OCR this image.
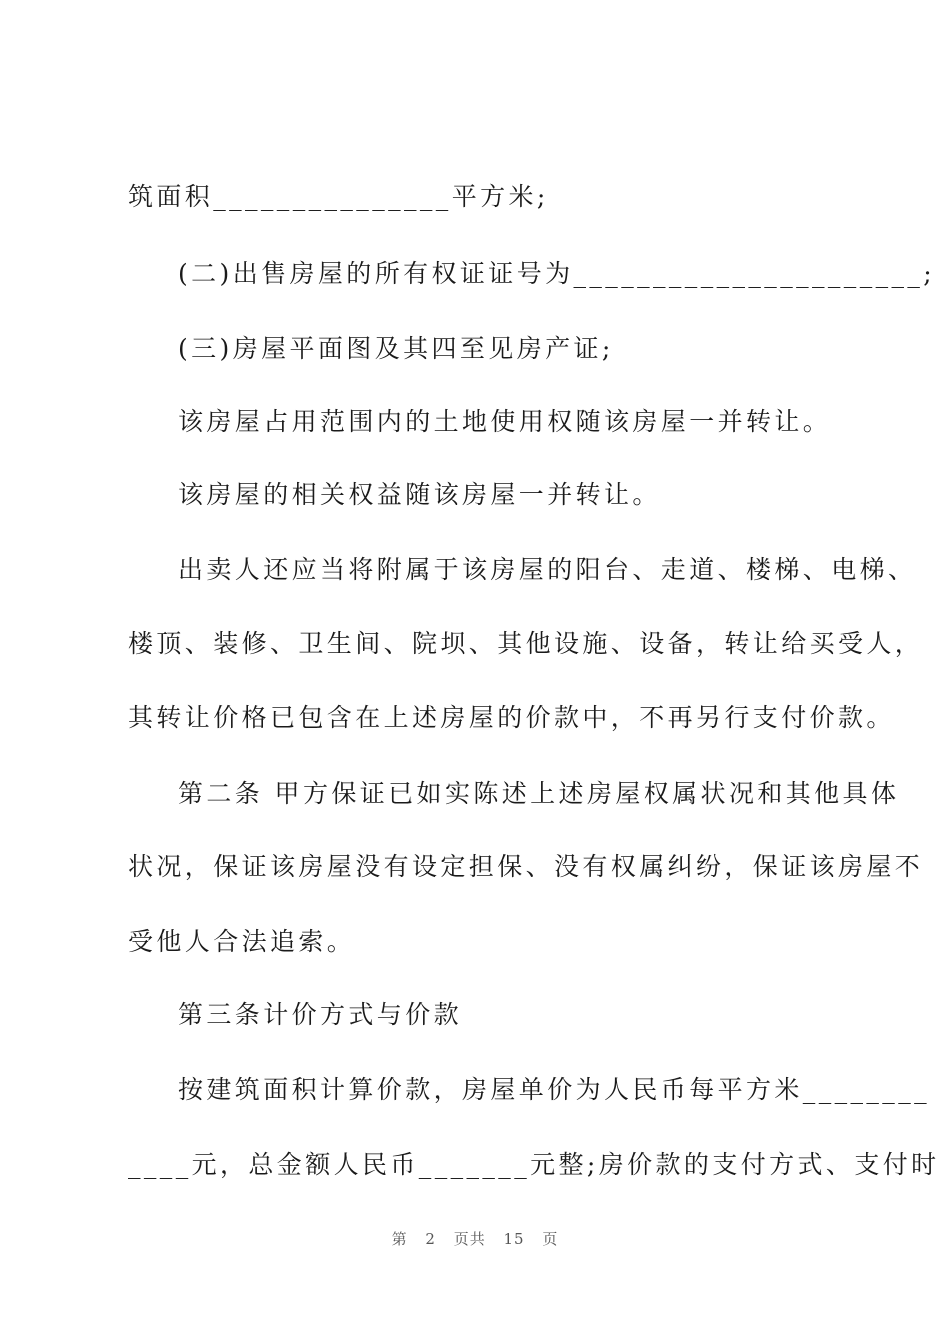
筑面积_______________平方米;
(二)出售房屋的所有权证证号为______________________;
(三)房屋平面图及其四至见房产证;
该房屋占用范围内的土地使用权随该房屋一并转让。
该房屋的相关权益随该房屋一并转让。
出卖人还应当将附属于该房屋的阳台、走道、楼梯、电梯、
楼顶、装修、卫生间、院坝、其他设施、设备，转让给买受人，
其转让价格已包含在上述房屋的价款中，不再另行支付价款。
第二条 甲方保证已如实陈述上述房屋权属状况和其他具体
状况，保证该房屋没有设定担保、没有权属纠纷，保证该房屋不
受他人合法追索。
第三条计价方式与价款
按建筑面积计算价款，房屋单价为人民币每平方米________
____元，总金额人民币_______元整;房价款的支付方式、支付时
第 2 页共 15 页
